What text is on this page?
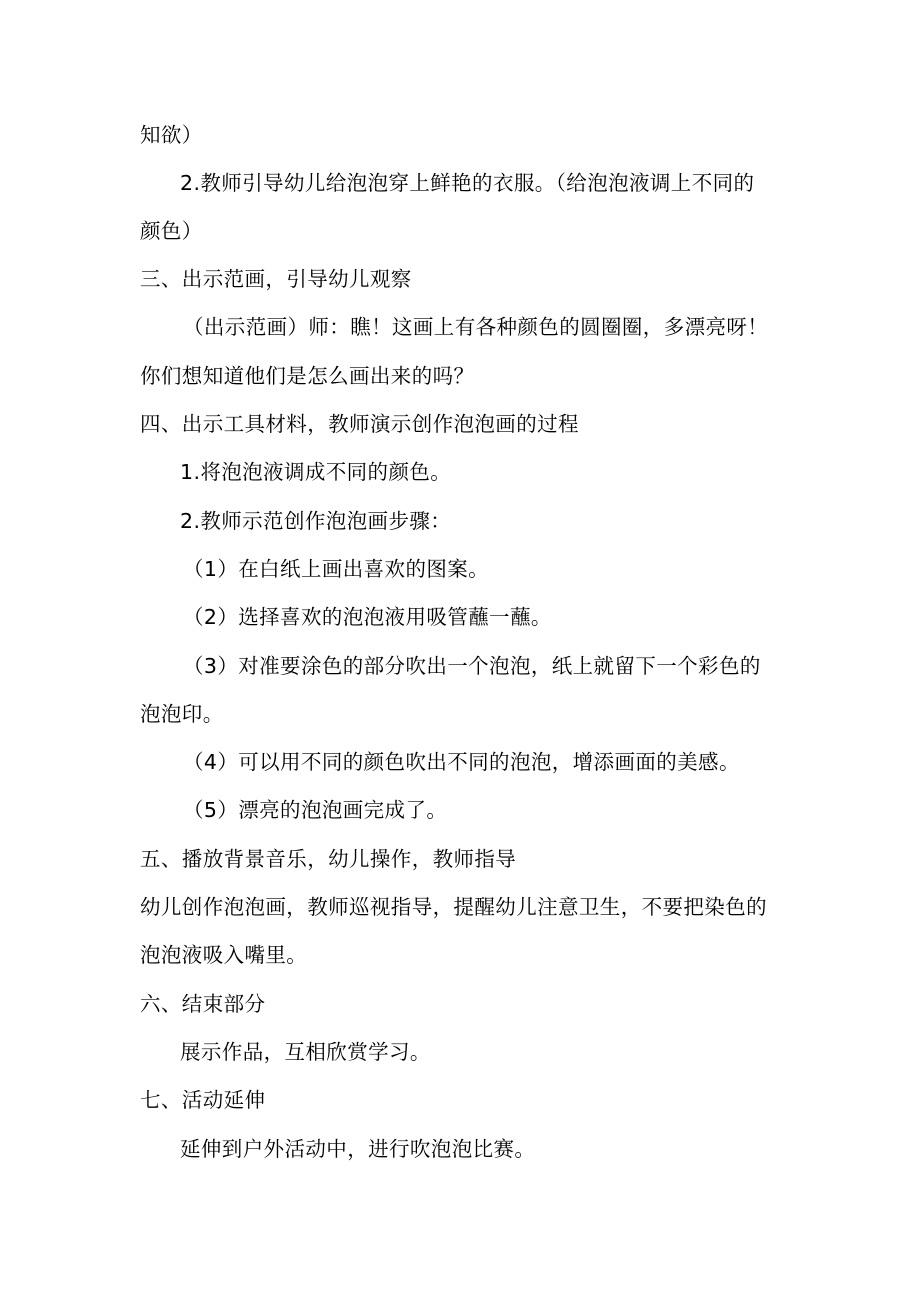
知欲）
2.教师引导幼儿给泡泡穿上鲜艳的衣服。（给泡泡液调上不同的
颜色）
三、出示范画，引导幼儿观察
（出示范画）师：瞧！这画上有各种颜色的圆圈圈，多漂亮呀！
你们想知道他们是怎么画出来的吗？
四、出示工具材料，教师演示创作泡泡画的过程
1.将泡泡液调成不同的颜色。
2.教师示范创作泡泡画步骤：
（1）在白纸上画出喜欢的图案。
（2）选择喜欢的泡泡液用吸管蘸一蘸。
（3）对准要涂色的部分吹出一个泡泡，纸上就留下一个彩色的
泡泡印。
（4）可以用不同的颜色吹出不同的泡泡，增添画面的美感。
（5）漂亮的泡泡画完成了。
五、播放背景音乐，幼儿操作，教师指导
幼儿创作泡泡画，教师巡视指导，提醒幼儿注意卫生，不要把染色的
泡泡液吸入嘴里。
六、结束部分
展示作品，互相欣赏学习。
七、活动延伸
延伸到户外活动中，进行吹泡泡比赛。
